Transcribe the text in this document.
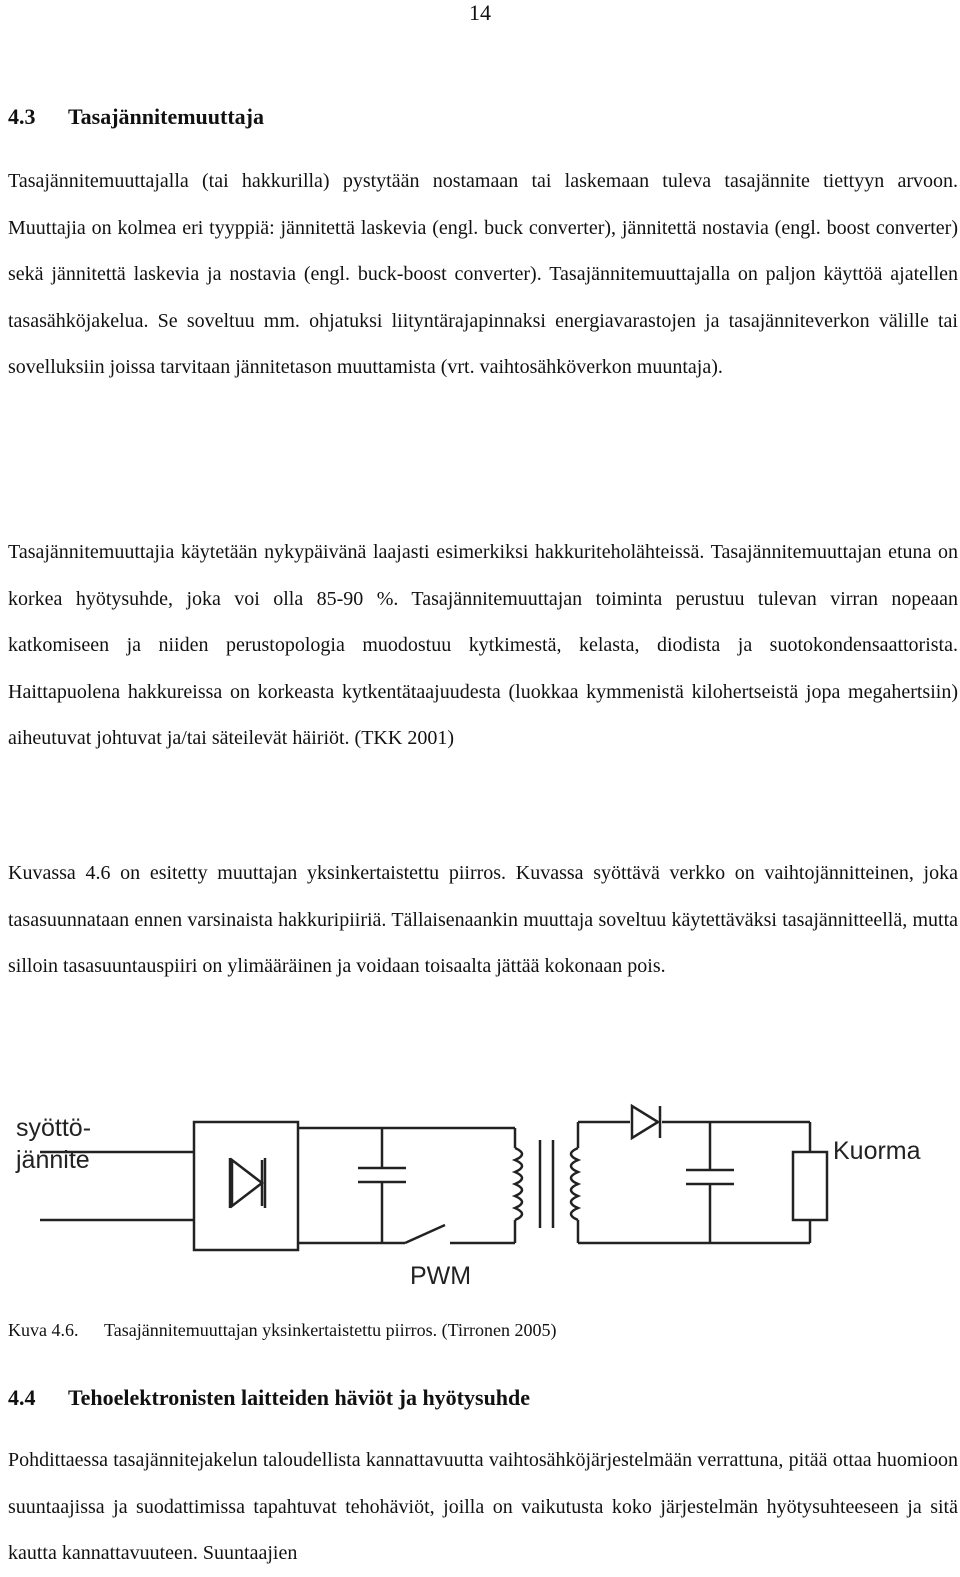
14
4.3 Tasajännitemuuttaja

Tasajännitemuuttajalla (tai hakkurilla) pystytään nostamaan tai laskemaan tuleva tasajännite tiettyyn arvoon. Muuttajia on kolmea eri tyyppiä: jännitettä laskevia (engl. buck converter), jännitettä nostavia (engl. boost converter) sekä jännitettä laskevia ja nostavia (engl. buck-boost converter). Tasajännitemuuttajalla on paljon käyttöä ajatellen tasasähköjakelua. Se soveltuu mm. ohjatuksi liityntärajapinnaksi energiavarastojen ja tasajänniteverkon välille tai sovelluksiin joissa tarvitaan jännitetason muuttamista (vrt. vaihtosähköverkon muuntaja).

Tasajännitemuuttajia käytetään nykypäivänä laajasti esimerkiksi hakkuriteholähteissä. Tasajännitemuuttajan etuna on korkea hyötysuhde, joka voi olla 85-90 %. Tasajännitemuuttajan toiminta perustuu tulevan virran nopeaan katkomiseen ja niiden perustopologia muodostuu kytkimestä, kelasta, diodista ja suotokondensaattorista. Haittapuolena hakkureissa on korkeasta kytkentätaajuudesta (luokkaa kymmenistä kilohertseistä jopa megahertsiin) aiheutuvat johtuvat ja/tai säteilevät häiriöt. (TKK 2001)

Kuvassa 4.6 on esitetty muuttajan yksinkertaistettu piirros. Kuvassa syöttävä verkko on vaihtojännitteinen, joka tasasuunnataan ennen varsinaista hakkuripiiriä. Tällaisenaankin muuttaja soveltuu käytettäväksi tasajännitteellä, mutta silloin tasasuuntauspiiri on ylimääräinen ja voidaan toisaalta jättää kokonaan pois.

syöttö-
jännite	Kuorma
PWM

Kuva 4.6. Tasajännitemuuttajan yksinkertaistettu piirros. (Tirronen 2005)

4.4 Tehoelektronisten laitteiden häviöt ja hyötysuhde

Pohdittaessa tasajännitejakelun taloudellista kannattavuutta vaihtosähköjärjestelmään verrattuna, pitää ottaa huomioon suuntaajissa ja suodattimissa tapahtuvat tehohäviöt, joilla on vaikutusta koko järjestelmän hyötysuhteeseen ja sitä kautta kannattavuuteen. Suuntaajien
